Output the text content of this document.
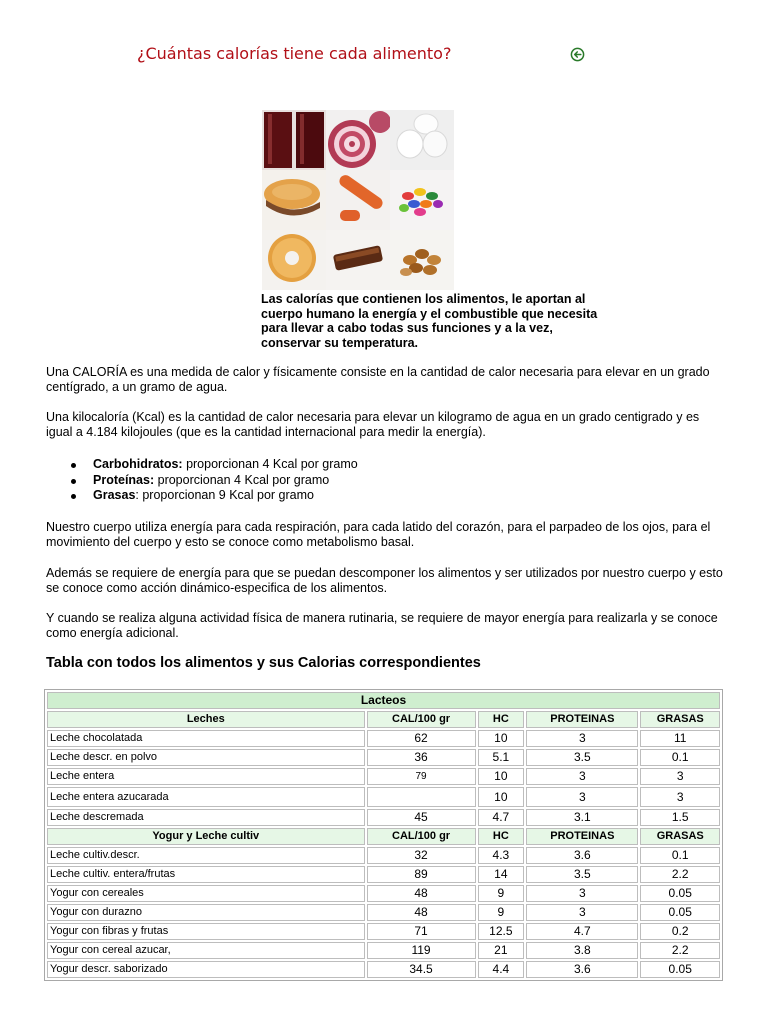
¿Cuántas calorías tiene cada alimento?
Las calorías que contienen los alimentos, le aportan al cuerpo humano la energía y el combustible que necesita para llevar a cabo todas sus funciones y a la vez, conservar su temperatura.

Una CALORÍA es una medida de calor y físicamente consiste en la cantidad de calor necesaria para elevar en un grado centígrado, a un gramo de agua.

Una kilocaloría (Kcal) es la cantidad de calor necesaria para elevar un kilogramo de agua en un grado centigrado y es igual a 4.184 kilojoules (que es la cantidad internacional para medir la energía).

Carbohidratos: proporcionan 4 Kcal por gramo
Proteínas: proporcionan 4 Kcal por gramo
Grasas: proporcionan 9 Kcal por gramo

Nuestro cuerpo utiliza energía para cada respiración, para cada latido del corazón, para el parpadeo de los ojos, para el movimiento del cuerpo y esto se conoce como metabolismo basal.

Además se requiere de energía para que se puedan descomponer los alimentos y ser utilizados por nuestro cuerpo y esto se conoce como acción dinámico-especifica de los alimentos.

Y cuando se realiza alguna actividad física de manera rutinaria, se requiere de mayor energía para realizarla y se conoce como energía adicional.

Tabla con todos los alimentos y sus Calorias correspondientes
Lacteos				
Leches	CAL/100 gr	HC	PROTEINAS	GRASAS
Leche chocolatada	62	10	3	11
Leche descr. en polvo	36	5.1	3.5	0.1
Leche entera	79	10	3	3
Leche entera azucarada		10	3	3
Leche descremada	45	4.7	3.1	1.5
Yogur y Leche cultiv	CAL/100 gr	HC	PROTEINAS	GRASAS
Leche cultiv.descr.	32	4.3	3.6	0.1
Leche cultiv. entera/frutas	89	14	3.5	2.2
Yogur con cereales	48	9	3	0.05
Yogur con durazno	48	9	3	0.05
Yogur con fibras y frutas	71	12.5	4.7	0.2
Yogur con cereal azucar,	119	21	3.8	2.2
Yogur descr. saborizado	34.5	4.4	3.6	0.05
